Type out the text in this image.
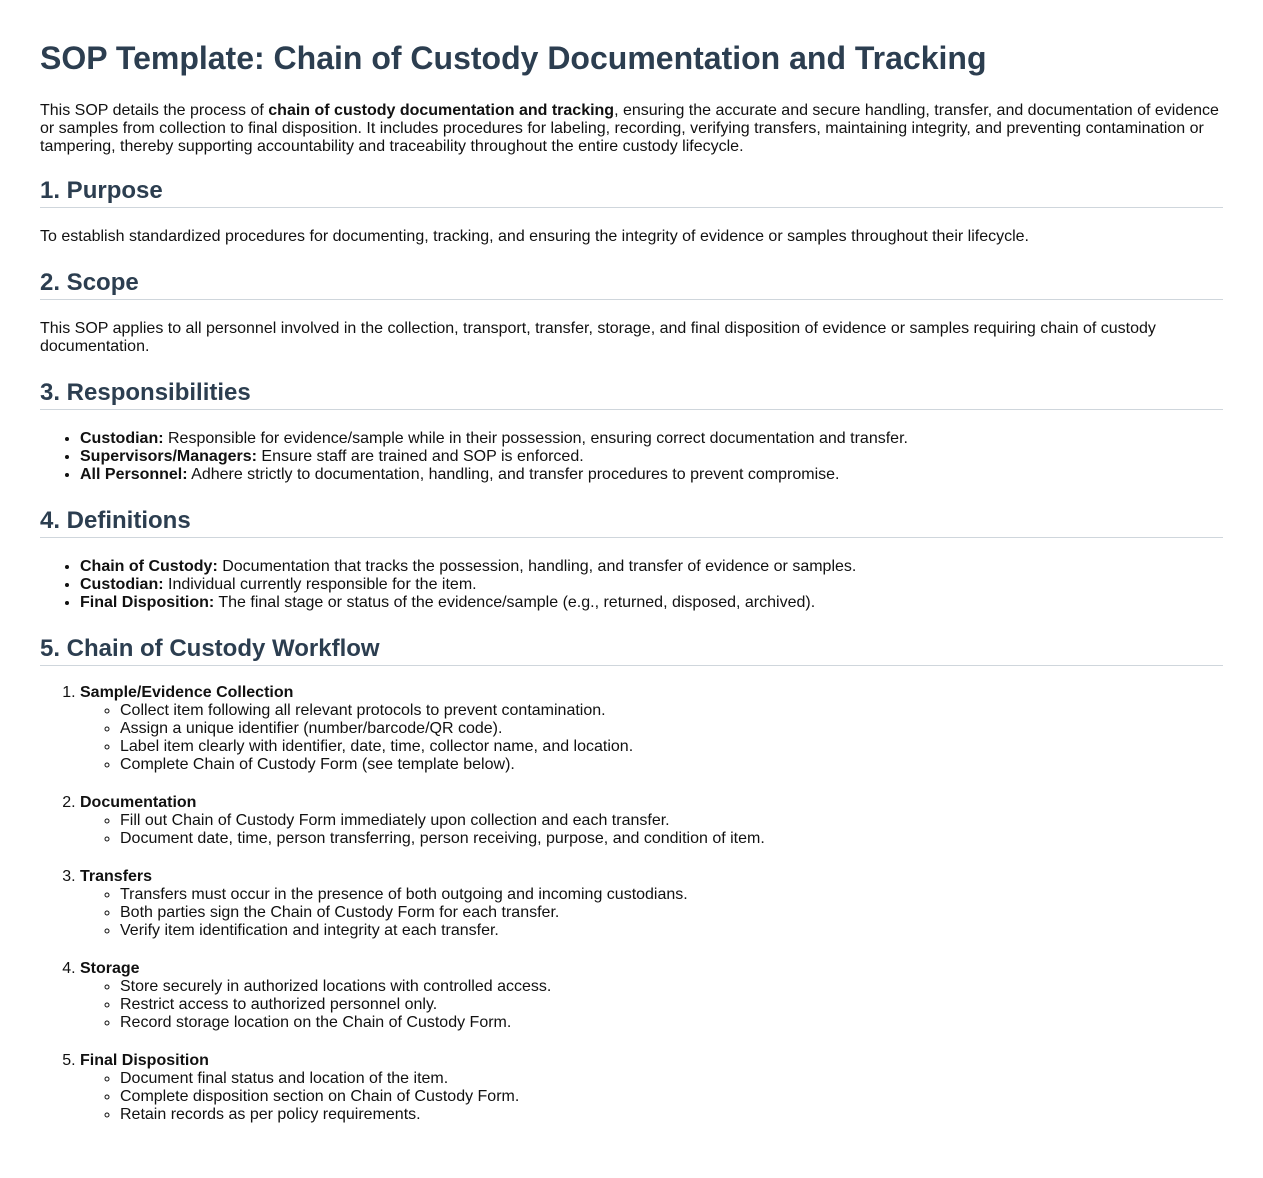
SOP Template: Chain of Custody Documentation and Tracking

This SOP details the process of chain of custody documentation and tracking, ensuring the accurate and secure handling, transfer, and documentation of evidence or samples from collection to final disposition. It includes procedures for labeling, recording, verifying transfers, maintaining integrity, and preventing contamination or tampering, thereby supporting accountability and traceability throughout the entire custody lifecycle.

1. Purpose

To establish standardized procedures for documenting, tracking, and ensuring the integrity of evidence or samples throughout their lifecycle.

2. Scope

This SOP applies to all personnel involved in the collection, transport, transfer, storage, and final disposition of evidence or samples requiring chain of custody documentation.

3. Responsibilities
• Custodian: Responsible for evidence/sample while in their possession, ensuring correct documentation and transfer.
• Supervisors/Managers: Ensure staff are trained and SOP is enforced.
• All Personnel: Adhere strictly to documentation, handling, and transfer procedures to prevent compromise.
4. Definitions
• Chain of Custody: Documentation that tracks the possession, handling, and transfer of evidence or samples.
• Custodian: Individual currently responsible for the item.
• Final Disposition: The final stage or status of the evidence/sample (e.g., returned, disposed, archived).
5. Chain of Custody Workflow
1. Sample/Evidence Collection
◦ Collect item following all relevant protocols to prevent contamination.
◦ Assign a unique identifier (number/barcode/QR code).
◦ Label item clearly with identifier, date, time, collector name, and location.
◦ Complete Chain of Custody Form (see template below).
2. Documentation
◦ Fill out Chain of Custody Form immediately upon collection and each transfer.
◦ Document date, time, person transferring, person receiving, purpose, and condition of item.
3. Transfers
◦ Transfers must occur in the presence of both outgoing and incoming custodians.
◦ Both parties sign the Chain of Custody Form for each transfer.
◦ Verify item identification and integrity at each transfer.
4. Storage
◦ Store securely in authorized locations with controlled access.
◦ Restrict access to authorized personnel only.
◦ Record storage location on the Chain of Custody Form.
5. Final Disposition
◦ Document final status and location of the item.
◦ Complete disposition section on Chain of Custody Form.
◦ Retain records as per policy requirements.
